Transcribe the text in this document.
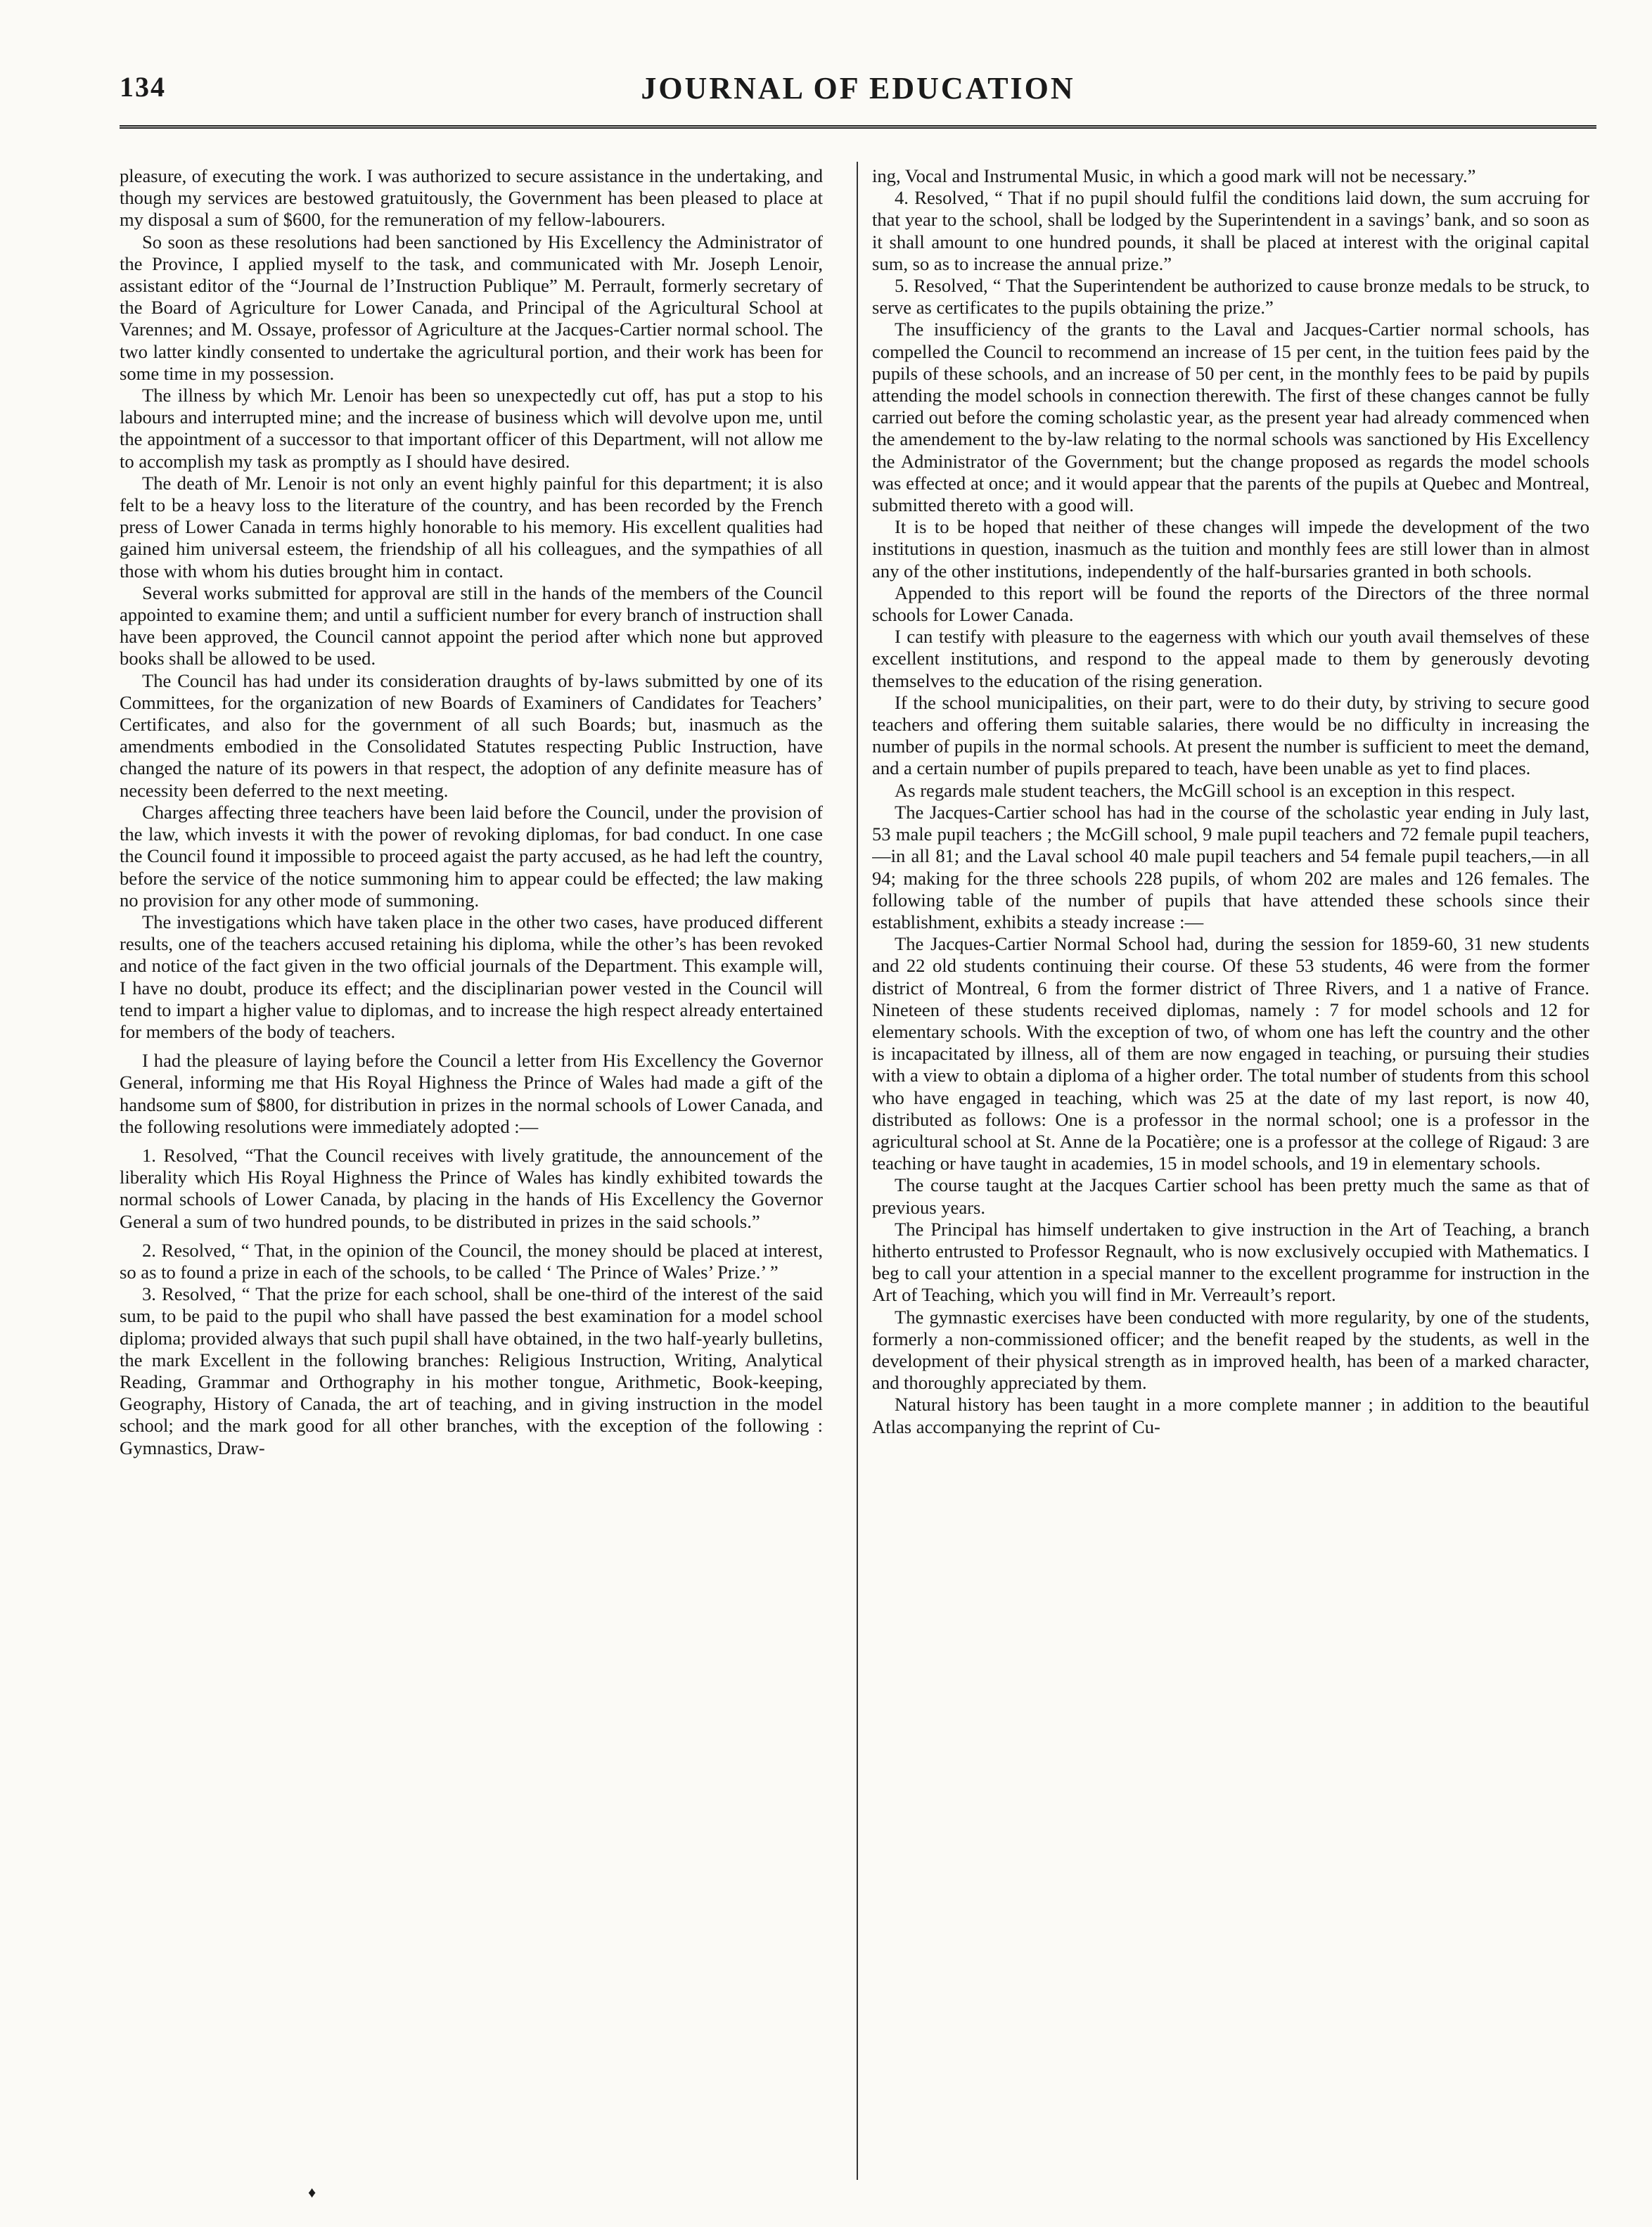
134	JOURNAL OF EDUCATION

pleasure, of executing the work. I was authorized to secure assistance in the undertaking, and though my services are bestowed gratuitously, the Government has been pleased to place at my disposal a sum of $600, for the remuneration of my fellow-labourers.

So soon as these resolutions had been sanctioned by His Excellency the Administrator of the Province, I applied myself to the task, and communicated with Mr. Joseph Lenoir, assistant editor of the “Journal de l’Instruction Publique” M. Perrault, formerly secretary of the Board of Agriculture for Lower Canada, and Principal of the Agricultural School at Varennes; and M. Ossaye, professor of Agriculture at the Jacques-Cartier normal school. The two latter kindly consented to undertake the agricultural portion, and their work has been for some time in my possession.

The illness by which Mr. Lenoir has been so unexpectedly cut off, has put a stop to his labours and interrupted mine; and the increase of business which will devolve upon me, until the appointment of a successor to that important officer of this Department, will not allow me to accomplish my task as promptly as I should have desired.

The death of Mr. Lenoir is not only an event highly painful for this department; it is also felt to be a heavy loss to the literature of the country, and has been recorded by the French press of Lower Canada in terms highly honorable to his memory. His excellent qualities had gained him universal esteem, the friendship of all his colleagues, and the sympathies of all those with whom his duties brought him in contact.

Several works submitted for approval are still in the hands of the members of the Council appointed to examine them; and until a sufficient number for every branch of instruction shall have been approved, the Council cannot appoint the period after which none but approved books shall be allowed to be used.

The Council has had under its consideration draughts of by-laws submitted by one of its Committees, for the organization of new Boards of Examiners of Candidates for Teachers’ Certificates, and also for the government of all such Boards; but, inasmuch as the amendments embodied in the Consolidated Statutes respecting Public Instruction, have changed the nature of its powers in that respect, the adoption of any definite measure has of necessity been deferred to the next meeting.

Charges affecting three teachers have been laid before the Council, under the provision of the law, which invests it with the power of revoking diplomas, for bad conduct. In one case the Council found it impossible to proceed agaist the party accused, as he had left the country, before the service of the notice summoning him to appear could be effected; the law making no provision for any other mode of summoning.

The investigations which have taken place in the other two cases, have produced different results, one of the teachers accused retaining his diploma, while the other’s has been revoked and notice of the fact given in the two official journals of the Department. This example will, I have no doubt, produce its effect; and the disciplinarian power vested in the Council will tend to impart a higher value to diplomas, and to increase the high respect already entertained for members of the body of teachers.

I had the pleasure of laying before the Council a letter from His Excellency the Governor General, informing me that His Royal Highness the Prince of Wales had made a gift of the handsome sum of $800, for distribution in prizes in the normal schools of Lower Canada, and the following resolutions were immediately adopted :—

1. Resolved, “That the Council receives with lively gratitude, the announcement of the liberality which His Royal Highness the Prince of Wales has kindly exhibited towards the normal schools of Lower Canada, by placing in the hands of His Excellency the Governor General a sum of two hundred pounds, to be distributed in prizes in the said schools.”

2. Resolved, “ That, in the opinion of the Council, the money should be placed at interest, so as to found a prize in each of the schools, to be called ‘ The Prince of Wales’ Prize.’ ”

3. Resolved, “ That the prize for each school, shall be one-third of the interest of the said sum, to be paid to the pupil who shall have passed the best examination for a model school diploma; provided always that such pupil shall have obtained, in the two half-yearly bulletins, the mark Excellent in the following branches: Religious Instruction, Writing, Analytical Reading, Grammar and Orthography in his mother tongue, Arithmetic, Book-keeping, Geography, History of Canada, the art of teaching, and in giving instruction in the model school; and the mark good for all other branches, with the exception of the following : Gymnastics, Draw-

ing, Vocal and Instrumental Music, in which a good mark will not be necessary.”

4. Resolved, “ That if no pupil should fulfil the conditions laid down, the sum accruing for that year to the school, shall be lodged by the Superintendent in a savings’ bank, and so soon as it shall amount to one hundred pounds, it shall be placed at interest with the original capital sum, so as to increase the annual prize.”

5. Resolved, “ That the Superintendent be authorized to cause bronze medals to be struck, to serve as certificates to the pupils obtaining the prize.”

The insufficiency of the grants to the Laval and Jacques-Cartier normal schools, has compelled the Council to recommend an increase of 15 per cent, in the tuition fees paid by the pupils of these schools, and an increase of 50 per cent, in the monthly fees to be paid by pupils attending the model schools in connection therewith. The first of these changes cannot be fully carried out before the coming scholastic year, as the present year had already commenced when the amendement to the by-law relating to the normal schools was sanctioned by His Excellency the Administrator of the Government; but the change proposed as regards the model schools was effected at once; and it would appear that the parents of the pupils at Quebec and Montreal, submitted thereto with a good will.

It is to be hoped that neither of these changes will impede the development of the two institutions in question, inasmuch as the tuition and monthly fees are still lower than in almost any of the other institutions, independently of the half-bursaries granted in both schools.

Appended to this report will be found the reports of the Directors of the three normal schools for Lower Canada.

I can testify with pleasure to the eagerness with which our youth avail themselves of these excellent institutions, and respond to the appeal made to them by generously devoting themselves to the education of the rising generation.

If the school municipalities, on their part, were to do their duty, by striving to secure good teachers and offering them suitable salaries, there would be no difficulty in increasing the number of pupils in the normal schools. At present the number is sufficient to meet the demand, and a certain number of pupils prepared to teach, have been unable as yet to find places.

As regards male student teachers, the McGill school is an exception in this respect.

The Jacques-Cartier school has had in the course of the scholastic year ending in July last, 53 male pupil teachers ; the McGill school, 9 male pupil teachers and 72 female pupil teachers,—in all 81; and the Laval school 40 male pupil teachers and 54 female pupil teachers,—in all 94; making for the three schools 228 pupils, of whom 202 are males and 126 females. The following table of the number of pupils that have attended these schools since their establishment, exhibits a steady increase :—

The Jacques-Cartier Normal School had, during the session for 1859-60, 31 new students and 22 old students continuing their course. Of these 53 students, 46 were from the former district of Montreal, 6 from the former district of Three Rivers, and 1 a native of France. Nineteen of these students received diplomas, namely : 7 for model schools and 12 for elementary schools. With the exception of two, of whom one has left the country and the other is incapacitated by illness, all of them are now engaged in teaching, or pursuing their studies with a view to obtain a diploma of a higher order. The total number of students from this school who have engaged in teaching, which was 25 at the date of my last report, is now 40, distributed as follows: One is a professor in the normal school; one is a professor in the agricultural school at St. Anne de la Pocatière; one is a professor at the college of Rigaud: 3 are teaching or have taught in academies, 15 in model schools, and 19 in elementary schools.

The course taught at the Jacques Cartier school has been pretty much the same as that of previous years.

The Principal has himself undertaken to give instruction in the Art of Teaching, a branch hitherto entrusted to Professor Regnault, who is now exclusively occupied with Mathematics. I beg to call your attention in a special manner to the excellent programme for instruction in the Art of Teaching, which you will find in Mr. Verreault’s report.

The gymnastic exercises have been conducted with more regularity, by one of the students, formerly a non-commissioned officer; and the benefit reaped by the students, as well in the development of their physical strength as in improved health, has been of a marked character, and thoroughly appreciated by them.

Natural history has been taught in a more complete manner ; in addition to the beautiful Atlas accompanying the reprint of Cu-

♦
